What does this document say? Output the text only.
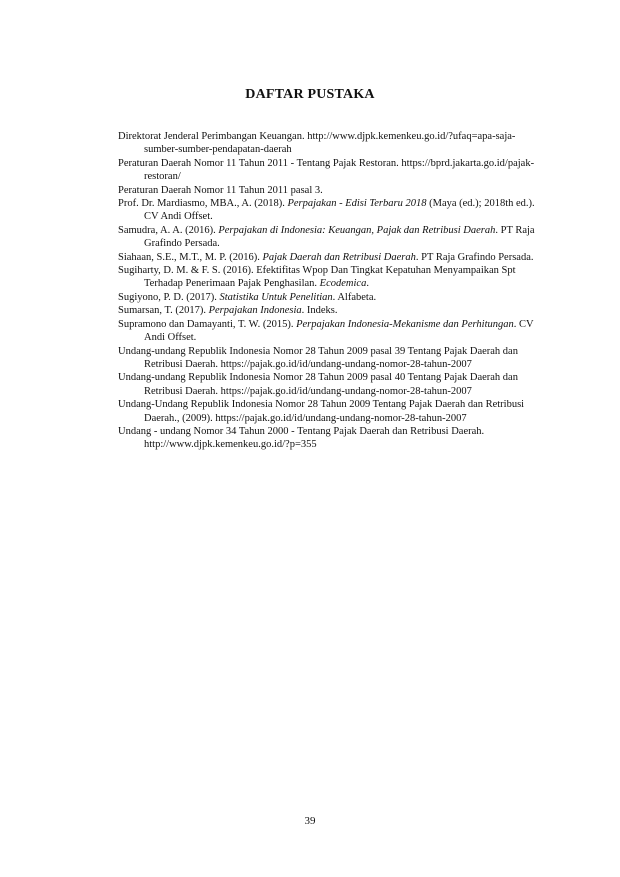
DAFTAR PUSTAKA

Direktorat Jenderal Perimbangan Keuangan. http://www.djpk.kemenkeu.go.id/?ufaq=apa-saja-sumber-sumber-pendapatan-daerah

Peraturan Daerah Nomor 11 Tahun 2011 - Tentang Pajak Restoran. https://bprd.jakarta.go.id/pajak-restoran/

Peraturan Daerah Nomor 11 Tahun 2011 pasal 3.

Prof. Dr. Mardiasmo, MBA., A. (2018). Perpajakan - Edisi Terbaru 2018 (Maya (ed.); 2018th ed.). CV Andi Offset.

Samudra, A. A. (2016). Perpajakan di Indonesia: Keuangan, Pajak dan Retribusi Daerah. PT Raja Grafindo Persada.

Siahaan, S.E., M.T., M. P. (2016). Pajak Daerah dan Retribusi Daerah. PT Raja Grafindo Persada.

Sugiharty, D. M. & F. S. (2016). Efektifitas Wpop Dan Tingkat Kepatuhan Menyampaikan Spt Terhadap Penerimaan Pajak Penghasilan. Ecodemica.

Sugiyono, P. D. (2017). Statistika Untuk Penelitian. Alfabeta.

Sumarsan, T. (2017). Perpajakan Indonesia. Indeks.

Supramono dan Damayanti, T. W. (2015). Perpajakan Indonesia-Mekanisme dan Perhitungan. CV Andi Offset.

Undang-undang Republik Indonesia Nomor 28 Tahun 2009 pasal 39 Tentang Pajak Daerah dan Retribusi Daerah. https://pajak.go.id/id/undang-undang-nomor-28-tahun-2007

Undang-undang Republik Indonesia Nomor 28 Tahun 2009 pasal 40 Tentang Pajak Daerah dan Retribusi Daerah. https://pajak.go.id/id/undang-undang-nomor-28-tahun-2007

Undang-Undang Republik Indonesia Nomor 28 Tahun 2009 Tentang Pajak Daerah dan Retribusi Daerah., (2009). https://pajak.go.id/id/undang-undang-nomor-28-tahun-2007

Undang - undang Nomor 34 Tahun 2000 - Tentang Pajak Daerah dan Retribusi Daerah. http://www.djpk.kemenkeu.go.id/?p=355

39
